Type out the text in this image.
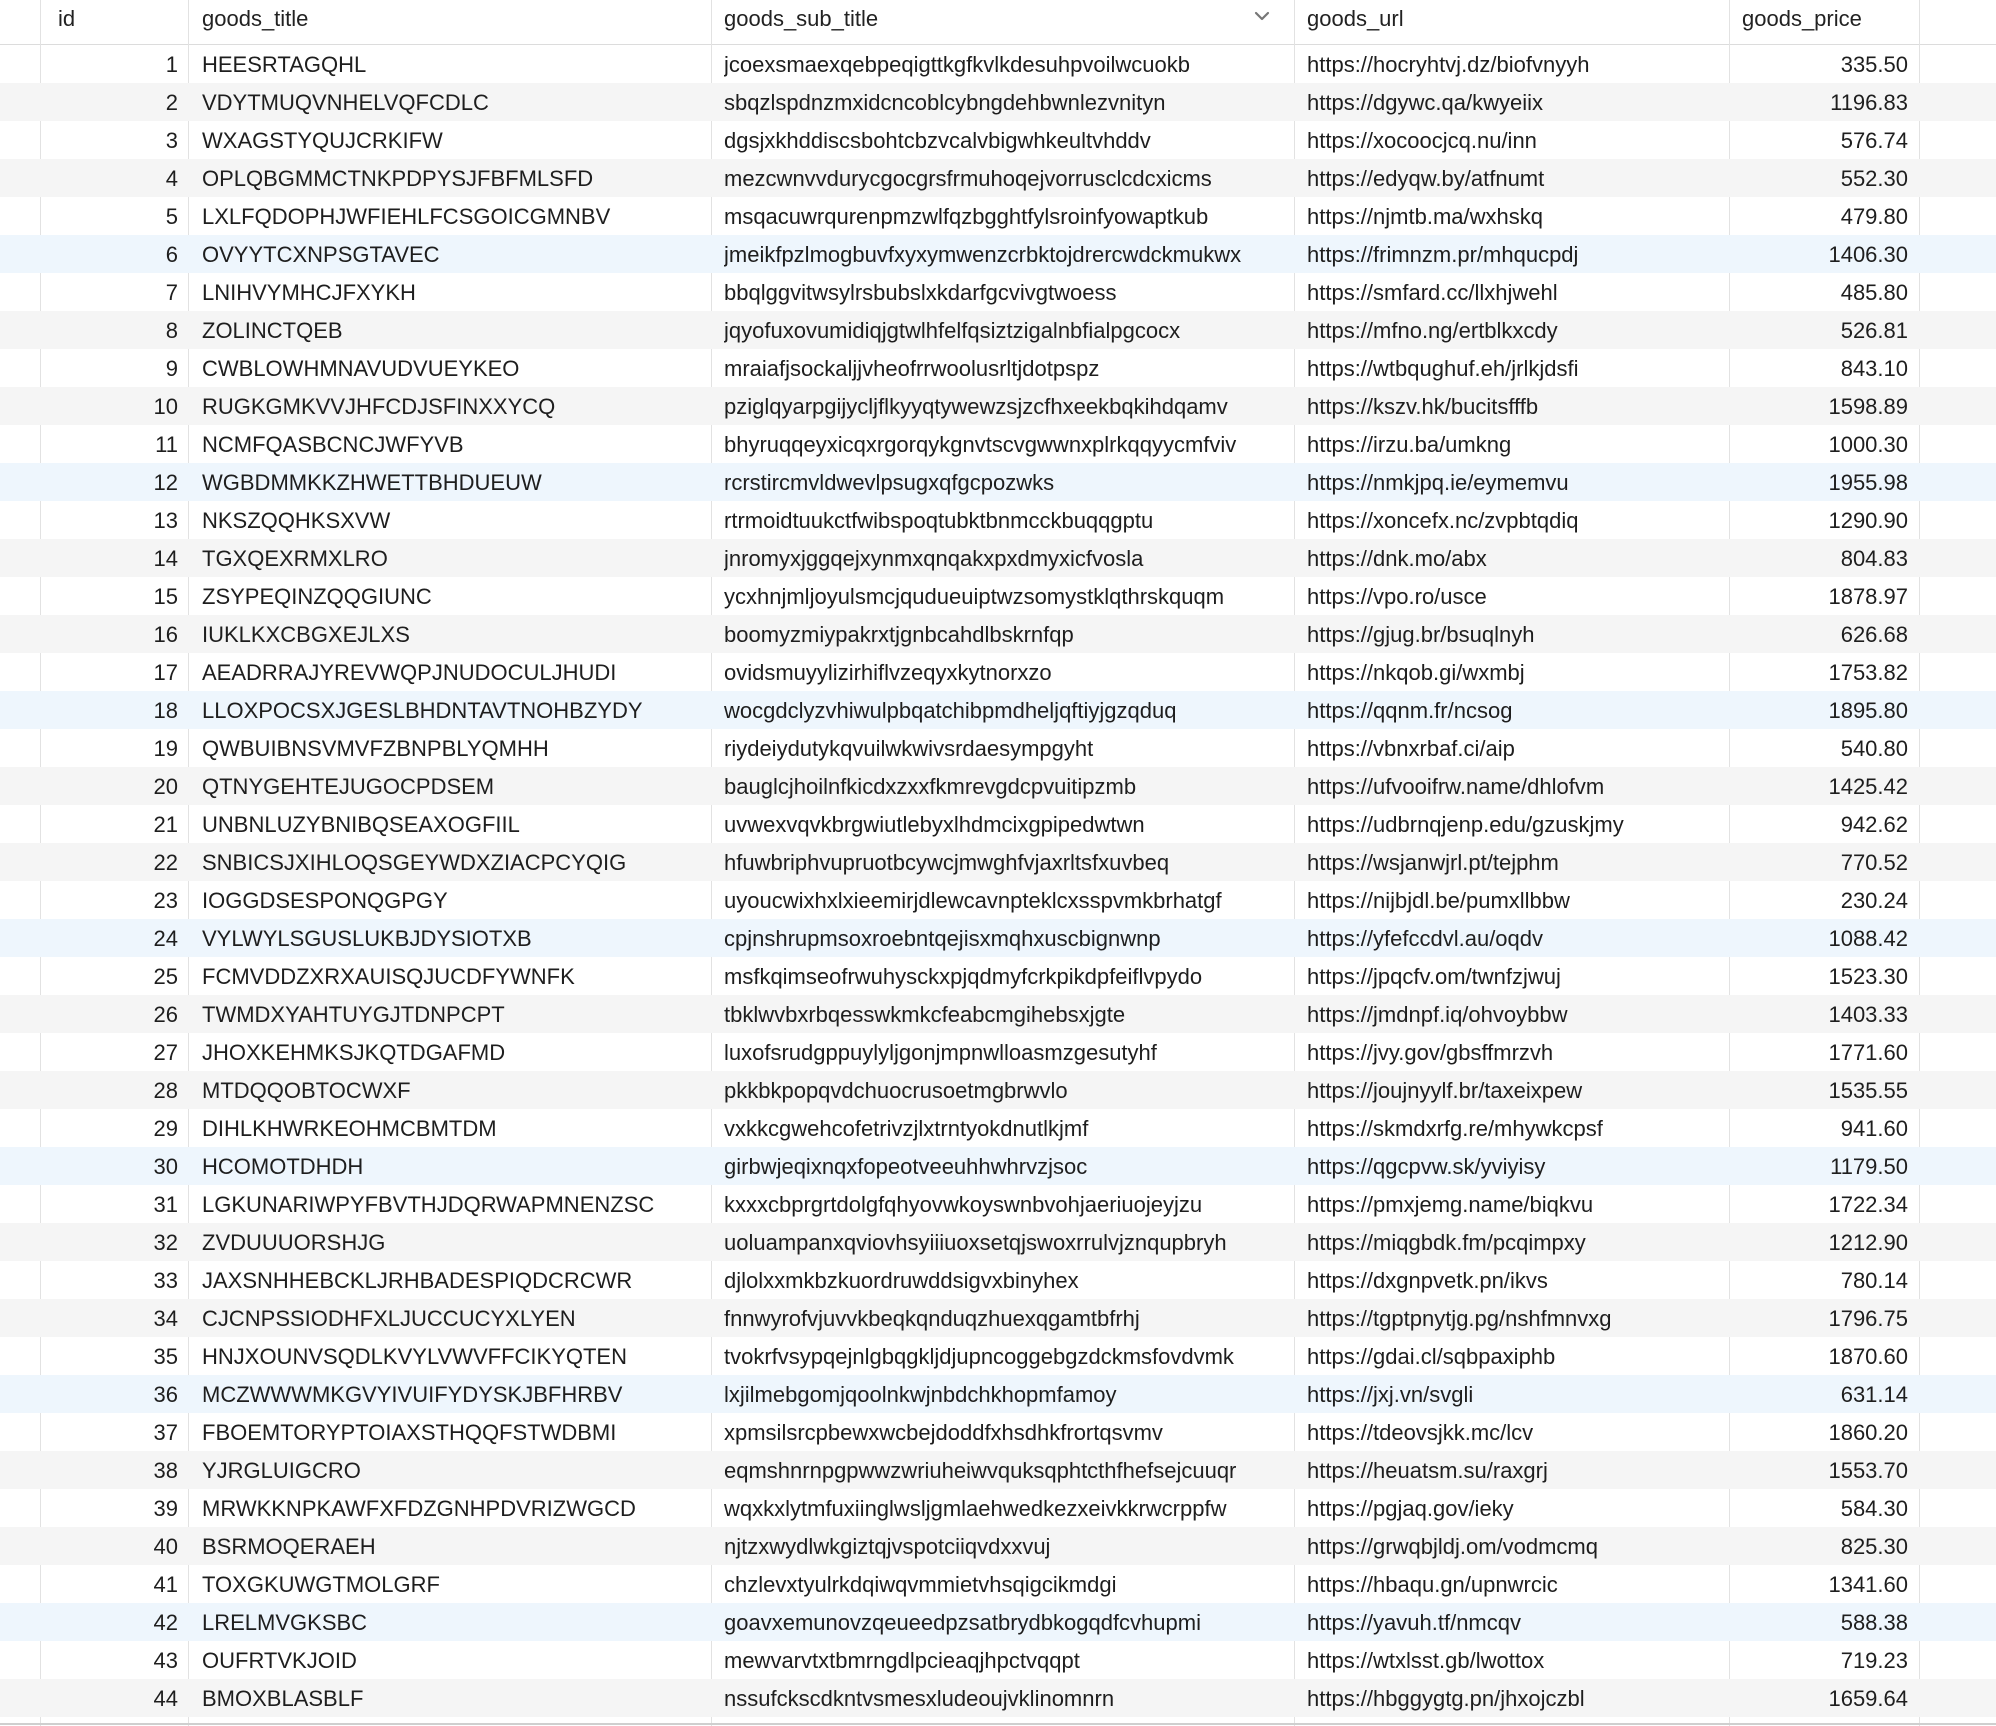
id	goods_title	goods_sub_title	goods_url	goods_price
1 HEESRTAGQHL	jcoexsmaexqebpeqigttkgfkvlkdesuhpvoilwcuokb	https://hocryhtvj.dz/biofvnyyh	335.50
2 VDYTMUQVNHELVQFCDLC	sbqzlspdnzmxidcncoblcybngdehbwnlezvnityn	https://dgywc.qa/kwyeiix	1196.83
3 WXAGSTYQUJCRKIFW	dgsjxkhddiscsbohtcbzvcalvbigwhkeultvhddv	https://xocoocjcq.nu/inn	576.74
4 OPLQBGMMCTNKPDPYSJFBFMLSFD	mezcwnvvdurycgocgrsfrmuhoqejvorrusclcdcxicms	https://edyqw.by/atfnumt	552.30
5 LXLFQDOPHJWFIEHLFCSGOICGMNBV	msqacuwrqurenpmzwlfqzbgghtfylsroinfyowaptkub	https://njmtb.ma/wxhskq	479.80
6 OVYYTCXNPSGTAVEC	jmeikfpzlmogbuvfxyxymwenzcrbktojdrercwdckmukwx	https://frimnzm.pr/mhqucpdj	1406.30
7 LNIHVYMHCJFXYKH	bbqlggvitwsylrsbubslxkdarfgcvivgtwoess	https://smfard.cc/llxhjwehl	485.80
8 ZOLINCTQEB	jqyofuxovumidiqjgtwlhfelfqsiztzigalnbfialpgcocx	https://mfno.ng/ertblkxcdy	526.81
9 CWBLOWHMNAVUDVUEYKEO	mraiafjsockaljjvheofrrwoolusrltjdotpspz	https://wtbqughuf.eh/jrlkjdsfi	843.10
10 RUGKGMKVVJHFCDJSFINXXYCQ	pziglqyarpgijycljflkyyqtywewzsjzcfhxeekbqkihdqamv	https://kszv.hk/bucitsfffb	1598.89
11 NCMFQASBCNCJWFYVB	bhyruqqeyxicqxrgorqykgnvtscvgwwnxplrkqqyycmfviv	https://irzu.ba/umkng	1000.30
12 WGBDMMKKZHWETTBHDUEUW	rcrstircmvldwevlpsugxqfgcpozwks	https://nmkjpq.ie/eymemvu	1955.98
13 NKSZQQHKSXVW	rtrmoidtuukctfwibspoqtubktbnmcckbuqqgptu	https://xoncefx.nc/zvpbtqdiq	1290.90
14 TGXQEXRMXLRO	jnromyxjggqejxynmxqnqakxpxdmyxicfvosla	https://dnk.mo/abx	804.83
15 ZSYPEQINZQQGIUNC	ycxhnjmljoyulsmcjqudueuiptwzsomystklqthrskquqm	https://vpo.ro/usce	1878.97
16 IUKLKXCBGXEJLXS	boomyzmiypakrxtjgnbcahdlbskrnfqp	https://gjug.br/bsuqlnyh	626.68
17 AEADRRAJYREVWQPJNUDOCULJHUDI	ovidsmuyylizirhiflvzeqyxkytnorxzo	https://nkqob.gi/wxmbj	1753.82
18 LLOXPOCSXJGESLBHDNTAVTNOHBZYDY	wocgdclyzvhiwulpbqatchibpmdheljqftiyjgzqduq	https://qqnm.fr/ncsog	1895.80
19 QWBUIBNSVMVFZBNPBLYQMHH	riydeiydutykqvuilwkwivsrdaesympgyht	https://vbnxrbaf.ci/aip	540.80
20 QTNYGEHTEJUGOCPDSEM	bauglcjhoilnfkicdxzxxfkmrevgdcpvuitipzmb	https://ufvooifrw.name/dhlofvm	1425.42
21 UNBNLUZYBNIBQSEAXOGFIIL	uvwexvqvkbrgwiutlebyxlhdmcixgpipedwtwn	https://udbrnqjenp.edu/gzuskjmy	942.62
22 SNBICSJXIHLOQSGEYWDXZIACPCYQIG	hfuwbriphvupruotbcywcjmwghfvjaxrltsfxuvbeq	https://wsjanwjrl.pt/tejphm	770.52
23 IOGGDSESPONQGPGY	uyoucwixhxlxieemirjdlewcavnpteklcxsspvmkbrhatgf	https://nijbjdl.be/pumxllbbw	230.24
24 VYLWYLSGUSLUKBJDYSIOTXB	cpjnshrupmsoxroebntqejisxmqhxuscbignwnp	https://yfefccdvl.au/oqdv	1088.42
25 FCMVDDZXRXAUISQJUCDFYWNFK	msfkqimseofrwuhysckxpjqdmyfcrkpikdpfeiflvpydo	https://jpqcfv.om/twnfzjwuj	1523.30
26 TWMDXYAHTUYGJTDNPCPT	tbklwvbxrbqesswkmkcfeabcmgihebsxjgte	https://jmdnpf.iq/ohvoybbw	1403.33
27 JHOXKEHMKSJKQTDGAFMD	luxofsrudgppuylyljgonjmpnwlloasmzgesutyhf	https://jvy.gov/gbsffmrzvh	1771.60
28 MTDQQOBTOCWXF	pkkbkpopqvdchuocrusoetmgbrwvlo	https://joujnyylf.br/taxeixpew	1535.55
29 DIHLKHWRKEOHMCBMTDM	vxkkcgwehcofetrivzjlxtrntyokdnutlkjmf	https://skmdxrfg.re/mhywkcpsf	941.60
30 HCOMOTDHDH	girbwjeqixnqxfopeotveeuhhwhrvzjsoc	https://qgcpvw.sk/yviyisy	1179.50
31 LGKUNARIWPYFBVTHJDQRWAPMNENZSC	kxxxcbprgrtdolgfqhyovwkoyswnbvohjaeriuojeyjzu	https://pmxjemg.name/biqkvu	1722.34
32 ZVDUUUORSHJG	uoluampanxqviovhsyiiiuoxsetqjswoxrrulvjznqupbryh	https://miqgbdk.fm/pcqimpxy	1212.90
33 JAXSNHHEBCKLJRHBADESPIQDCRCWR	djlolxxmkbzkuordruwddsigvxbinyhex	https://dxgnpvetk.pn/ikvs	780.14
34 CJCNPSSIODHFXLJUCCUCYXLYEN	fnnwyrofvjuvvkbeqkqnduqzhuexqgamtbfrhj	https://tgptpnytjg.pg/nshfmnvxg	1796.75
35 HNJXOUNVSQDLKVYLVWVFFCIKYQTEN	tvokrfvsypqejnlgbqgkljdjupncoggebgzdckmsfovdvmk	https://gdai.cl/sqbpaxiphb	1870.60
36 MCZWWWMKGVYIVUIFYDYSKJBFHRBV	lxjilmebgomjqoolnkwjnbdchkhopmfamoy	https://jxj.vn/svgli	631.14
37 FBOEMTORYPTOIAXSTHQQFSTWDBMI	xpmsilsrcpbewxwcbejdoddfxhsdhkfrortqsvmv	https://tdeovsjkk.mc/lcv	1860.20
38 YJRGLUIGCRO	eqmshnrnpgpwwzwriuheiwvquksqphtcthfhefsejcuuqr	https://heuatsm.su/raxgrj	1553.70
39 MRWKKNPKAWFXFDZGNHPDVRIZWGCD	wqxkxlytmfuxiinglwsljgmlaehwedkezxeivkkrwcrppfw	https://pgjaq.gov/ieky	584.30
40 BSRMOQERAEH	njtzxwydlwkgiztqjvspotciiqvdxxvuj	https://grwqbjldj.om/vodmcmq	825.30
41 TOXGKUWGTMOLGRF	chzlevxtyulrkdqiwqvmmietvhsqigcikmdgi	https://hbaqu.gn/upnwrcic	1341.60
42 LRELMVGKSBC	goavxemunovzqeueedpzsatbrydbkogqdfcvhupmi	https://yavuh.tf/nmcqv	588.38
43 OUFRTVKJOID	mewvarvtxtbmrngdlpcieaqjhpctvqqpt	https://wtxlsst.gb/lwottox	719.23
44 BMOXBLASBLF	nssufckscdkntvsmesxludeoujvklinomnrn	https://hbggygtg.pn/jhxojczbl	1659.64
